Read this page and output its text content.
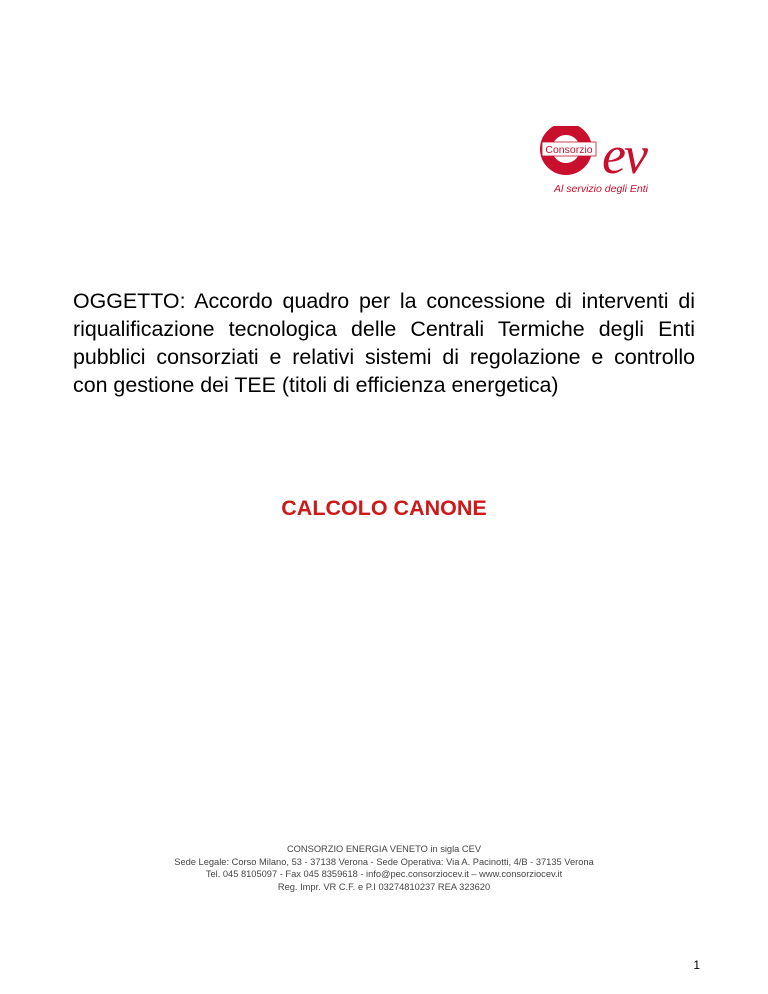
Consorzio ev
Al servizio degli Enti

OGGETTO: Accordo quadro per la concessione di interventi di riqualificazione tecnologica delle Centrali Termiche degli Enti pubblici consorziati e relativi sistemi di regolazione e controllo con gestione dei TEE (titoli di efficienza energetica)

CALCOLO CANONE
CONSORZIO ENERGIA VENETO in sigla CEV
Sede Legale: Corso Milano, 53 - 37138 Verona - Sede Operativa: Via A. Pacinotti, 4/B - 37135 Verona
Tel. 045 8105097 - Fax 045 8359618 - info@pec.consorziocev.it – www.consorziocev.it
Reg. Impr. VR C.F. e P.I 03274810237 REA 323620
1
